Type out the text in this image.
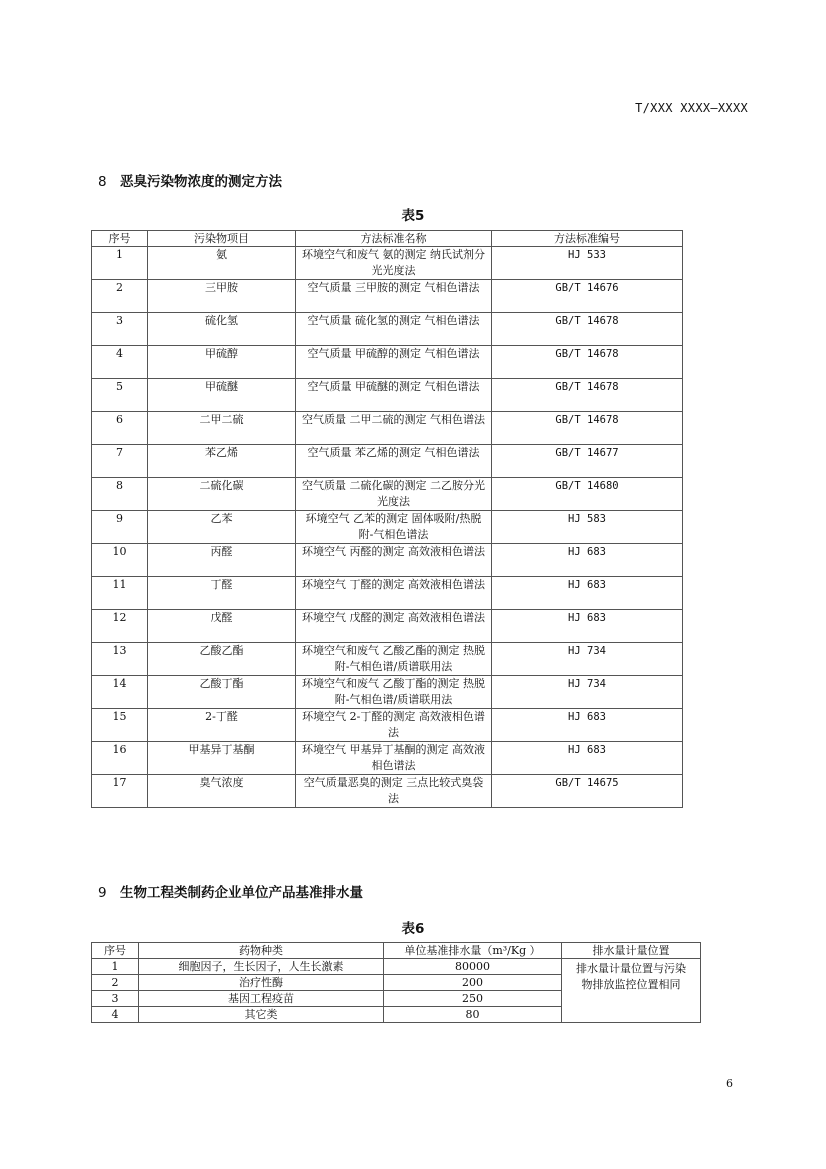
T/XXX XXXX—XXXX
8 恶臭污染物浓度的测定方法
表5
序号	污染物项目	方法标准名称	方法标准编号
1	氨	环境空气和废气 氨的测定 纳氏试剂分光光度法	HJ 533
2	三甲胺	空气质量 三甲胺的测定 气相色谱法	GB/T 14676
3	硫化氢	空气质量 硫化氢的测定 气相色谱法	GB/T 14678
4	甲硫醇	空气质量 甲硫醇的测定 气相色谱法	GB/T 14678
5	甲硫醚	空气质量 甲硫醚的测定 气相色谱法	GB/T 14678
6	二甲二硫	空气质量 二甲二硫的测定 气相色谱法	GB/T 14678
7	苯乙烯	空气质量 苯乙烯的测定 气相色谱法	GB/T 14677
8	二硫化碳	空气质量 二硫化碳的测定 二乙胺分光光度法	GB/T 14680
9	乙苯	环境空气 乙苯的测定 固体吸附/热脱附-气相色谱法	HJ 583
10	丙醛	环境空气 丙醛的测定 高效液相色谱法	HJ 683
11	丁醛	环境空气 丁醛的测定 高效液相色谱法	HJ 683
12	戊醛	环境空气 戊醛的测定 高效液相色谱法	HJ 683
13	乙酸乙酯	环境空气和废气 乙酸乙酯的测定 热脱附-气相色谱/质谱联用法	HJ 734
14	乙酸丁酯	环境空气和废气 乙酸丁酯的测定 热脱附-气相色谱/质谱联用法	HJ 734
15	2-丁醛	环境空气 2-丁醛的测定 高效液相色谱法	HJ 683
16	甲基异丁基酮	环境空气 甲基异丁基酮的测定 高效液相色谱法	HJ 683
17	臭气浓度	空气质量恶臭的测定 三点比较式臭袋法	GB/T 14675
9 生物工程类制药企业单位产品基准排水量
表6
序号	药物种类	单位基准排水量（m³/Kg ）	排水量计量位置
1	细胞因子，生长因子，人生长激素	80000	排水量计量位置与污染物排放监控位置相同
2	治疗性酶	200	
3	基因工程疫苗	250	
4	其它类	80	
6
